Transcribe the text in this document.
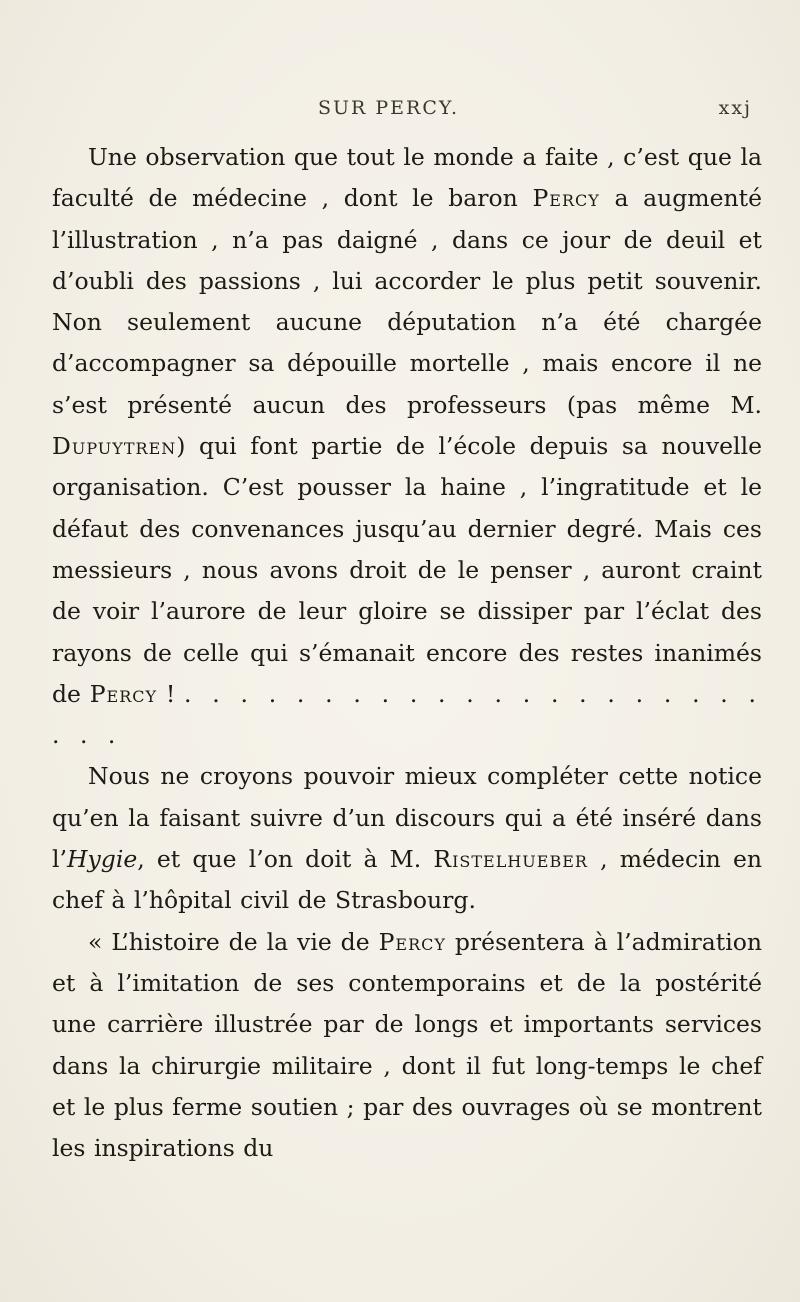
SUR PERCY.	xxj

Une observation que tout le monde a faite , c’est que la faculté de médecine , dont le baron Percy a augmenté l’illustration , n’a pas daigné , dans ce jour de deuil et d’oubli des passions , lui accorder le plus petit souvenir. Non seulement aucune députation n’a été chargée d’accompagner sa dépouille mortelle , mais encore il ne s’est présenté aucun des professeurs (pas même M. Dupuytren) qui font partie de l’école depuis sa nouvelle organisation. C’est pousser la haine , l’ingratitude et le défaut des convenances jusqu’au dernier degré. Mais ces messieurs , nous avons droit de le penser , auront craint de voir l’aurore de leur gloire se dissiper par l’éclat des rayons de celle qui s’émanait encore des restes inanimés de Percy ! . . . . . . . . . . . . . . . . . . . . . . . .

Nous ne croyons pouvoir mieux compléter cette notice qu’en la faisant suivre d’un discours qui a été inséré dans l’Hygie, et que l’on doit à M. Ristelhueber , médecin en chef à l’hôpital civil de Strasbourg.

« L’histoire de la vie de Percy présentera à l’admiration et à l’imitation de ses contemporains et de la postérité une carrière illustrée par de longs et importants services dans la chirurgie militaire , dont il fut long-temps le chef et le plus ferme soutien ; par des ouvrages où se montrent les inspirations du
